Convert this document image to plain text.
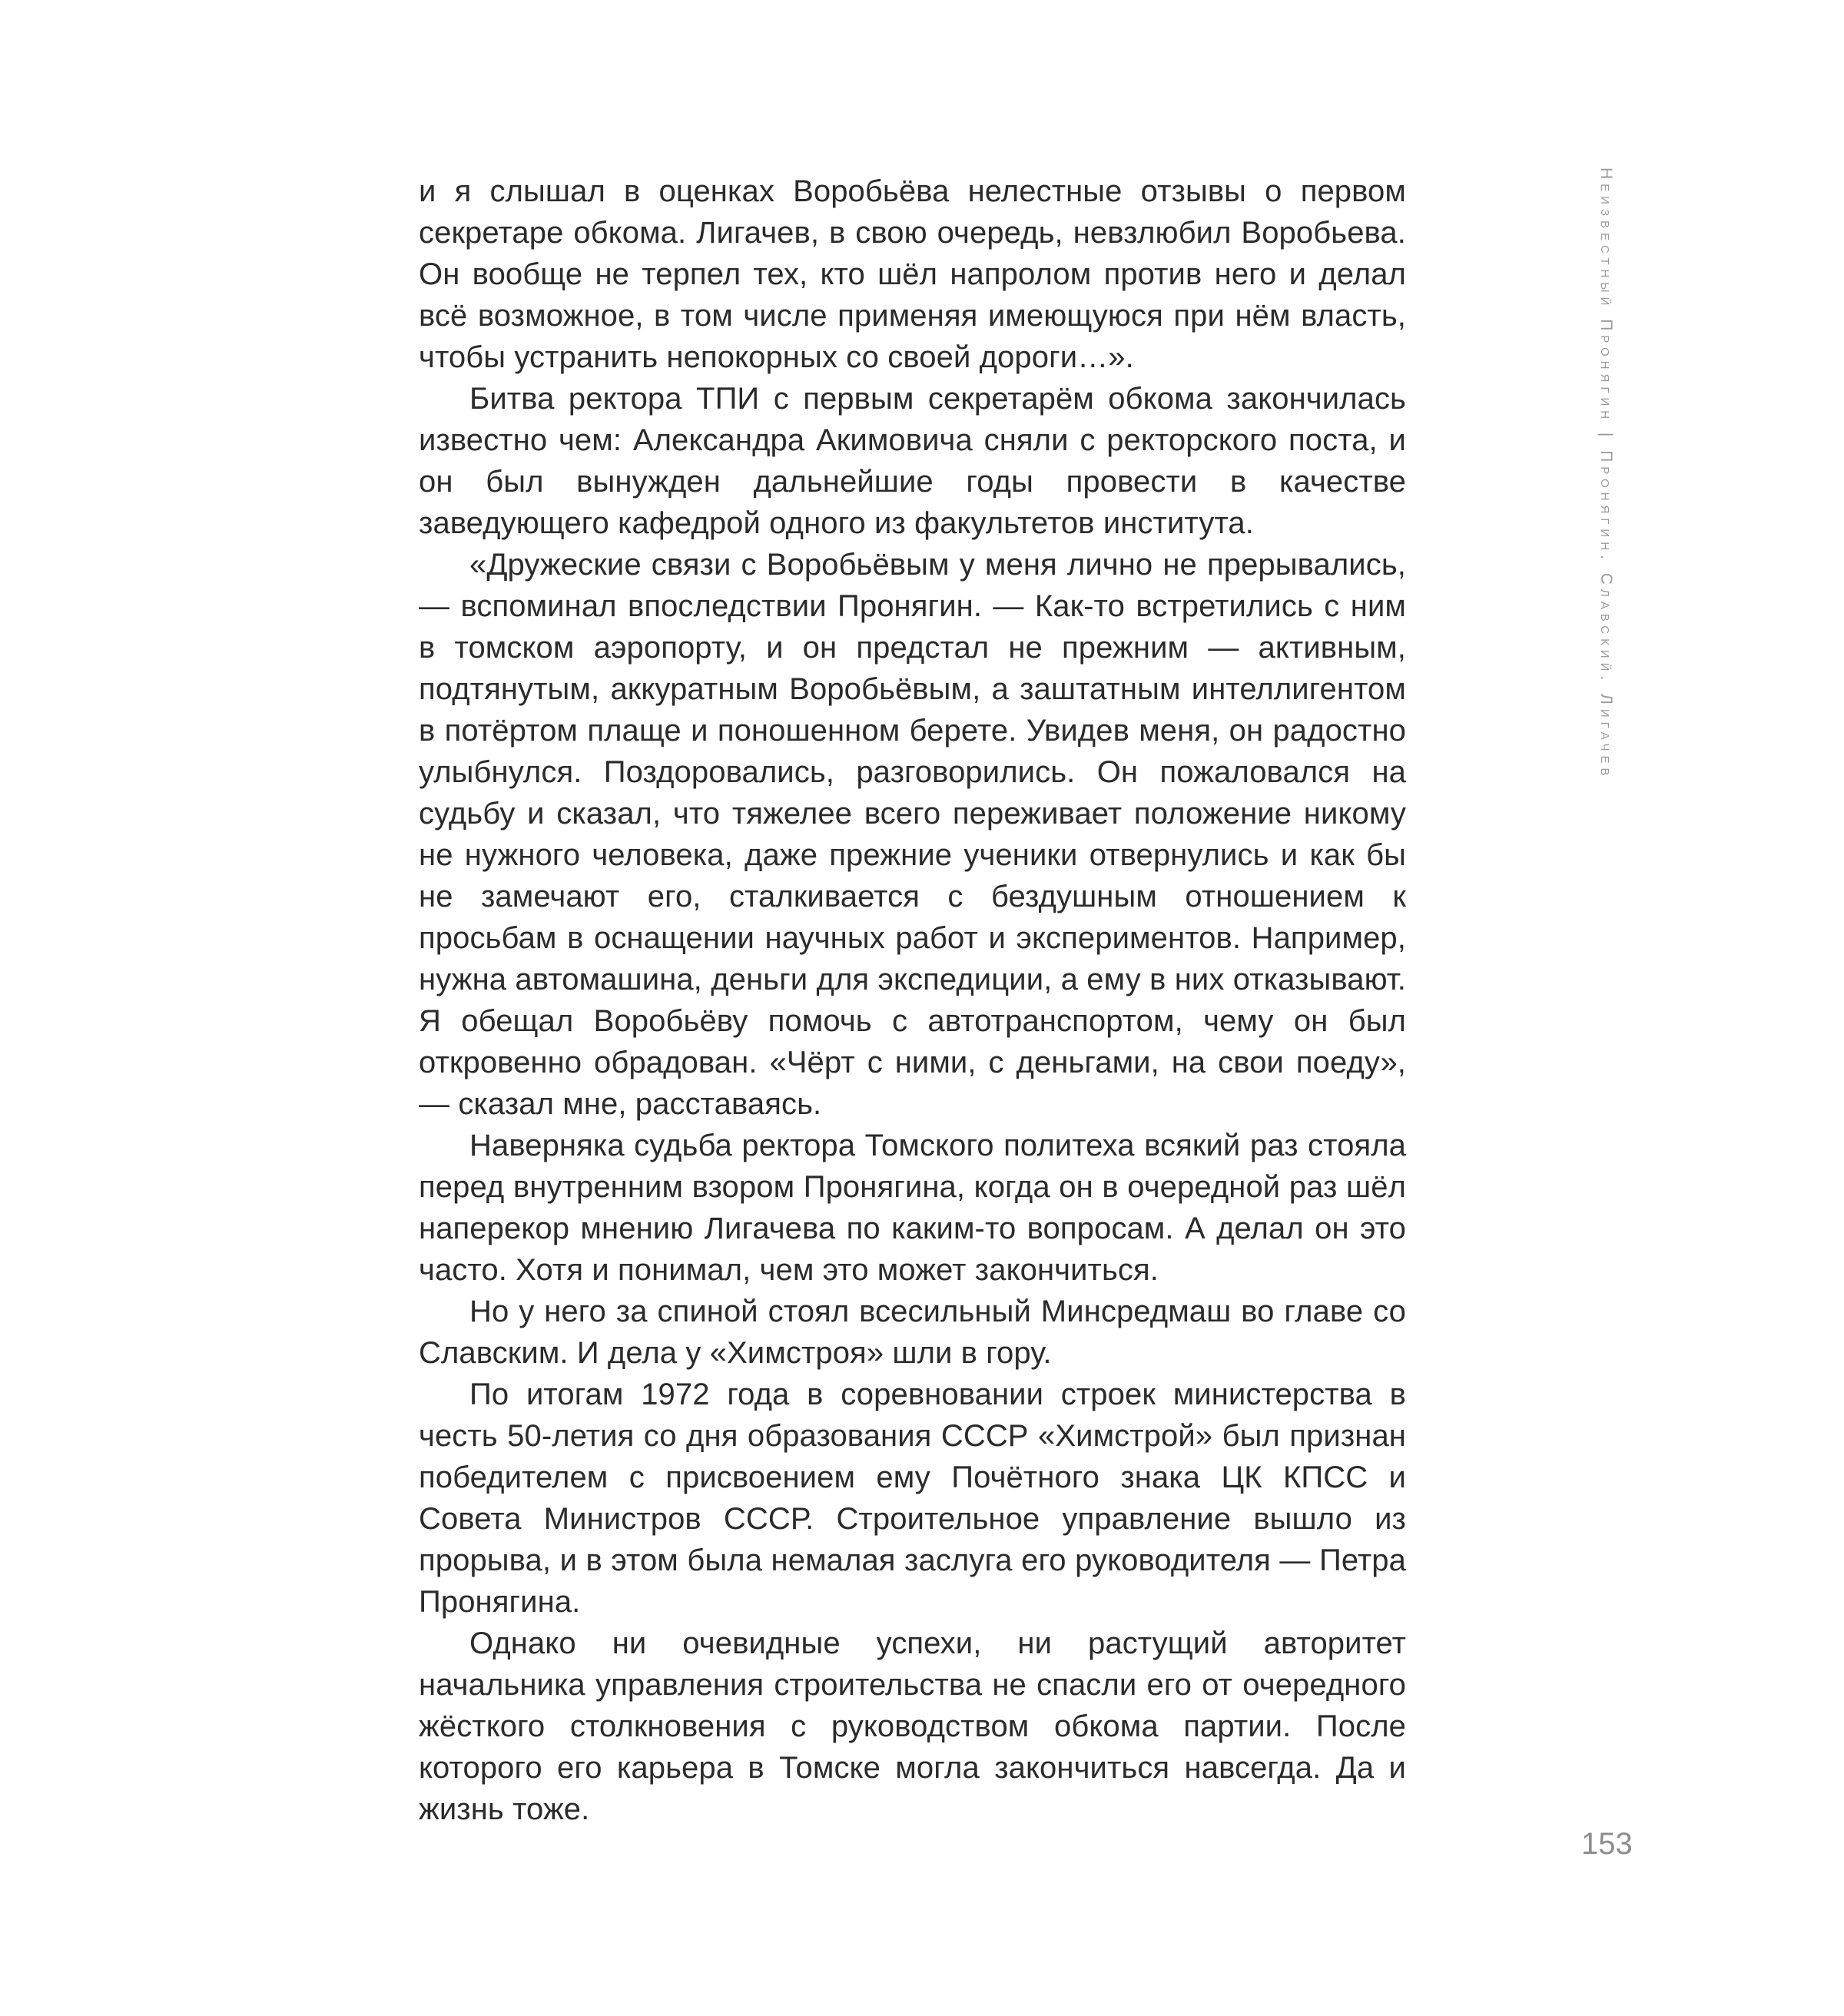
и я слышал в оценках Воробьёва нелестные отзывы о первом секретаре обкома. Лигачев, в свою очередь, невзлюбил Воробьева. Он вообще не терпел тех, кто шёл напролом против него и делал всё возможное, в том числе применяя имеющуюся при нём власть, чтобы устранить непокорных со своей дороги…».

Битва ректора ТПИ с первым секретарём обкома закончилась известно чем: Александра Акимовича сняли с ректорского поста, и он был вынужден дальнейшие годы провести в качестве заведующего кафедрой одного из факультетов института.

«Дружеские связи с Воробьёвым у меня лично не прерывались, — вспоминал впоследствии Пронягин. — Как-то встретились с ним в томском аэропорту, и он предстал не прежним — активным, подтянутым, аккуратным Воробьёвым, а заштатным интеллигентом в потёртом плаще и поношенном берете. Увидев меня, он радостно улыбнулся. Поздоровались, разговорились. Он пожаловался на судьбу и сказал, что тяжелее всего переживает положение никому не нужного человека, даже прежние ученики отвернулись и как бы не замечают его, сталкивается с бездушным отношением к просьбам в оснащении научных работ и экспериментов. Например, нужна автомашина, деньги для экспедиции, а ему в них отказывают. Я обещал Воробьёву помочь с автотранспортом, чему он был откровенно обрадован. «Чёрт с ними, с деньгами, на свои поеду», — сказал мне, расставаясь.

Наверняка судьба ректора Томского политеха всякий раз стояла перед внутренним взором Пронягина, когда он в очередной раз шёл наперекор мнению Лигачева по каким-то вопросам. А делал он это часто. Хотя и понимал, чем это может закончиться.

Но у него за спиной стоял всесильный Минсредмаш во главе со Славским. И дела у «Химстроя» шли в гору.

По итогам 1972 года в соревновании строек министерства в честь 50-летия со дня образования СССР «Химстрой» был признан победителем с присвоением ему Почётного знака ЦК КПСС и Совета Министров СССР. Строительное управление вышло из прорыва, и в этом была немалая заслуга его руководителя — Петра Пронягина.

Однако ни очевидные успехи, ни растущий авторитет начальника управления строительства не спасли его от очередного жёсткого столкновения с руководством обкома партии. После которого его карьера в Томске могла закончиться навсегда. Да и жизнь тоже.

Неизвестный Пронягин | Пронягин. Славский. Лигачев
153
